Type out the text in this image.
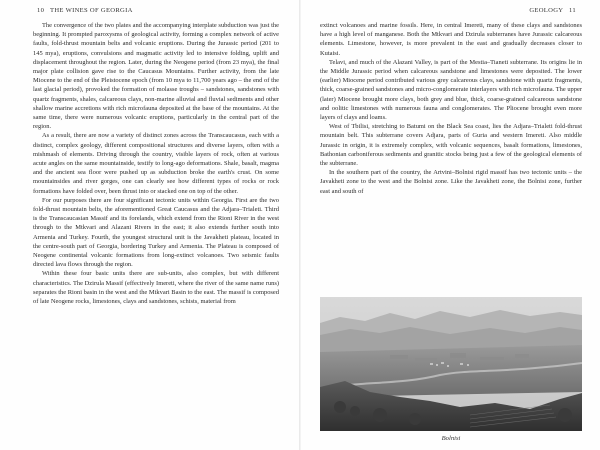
10 THE WINES OF GEORGIA

The convergence of the two plates and the accompanying interplate subduction was just the beginning. It prompted paroxysms of geological activity, forming a complex network of active faults, fold-thrust mountain belts and volcanic eruptions. During the Jurassic period (201 to 145 mya), eruptions, convulsions and magmatic activity led to intensive folding, uplift and displacement throughout the region. Later, during the Neogene period (from 23 mya), the final major plate collision gave rise to the Caucasus Mountains. Further activity, from the late Miocene to the end of the Pleistocene epoch (from 10 mya to 11,700 years ago – the end of the last glacial period), provoked the formation of molasse troughs – sandstones, sandstones with quartz fragments, shales, calcareous clays, non-marine alluvial and fluvial sediments and other shallow marine accretions with rich microfauna deposited at the base of the mountains. At the same time, there were numerous volcanic eruptions, particularly in the central part of the region.

As a result, there are now a variety of distinct zones across the Transcaucasus, each with a distinct, complex geology, different compositional structures and diverse layers, often with a mishmash of elements. Driving through the country, visible layers of rock, often at various acute angles on the same mountainside, testify to long-ago deformations. Shale, basalt, magma and the ancient sea floor were pushed up as subduction broke the earth's crust. On some mountainsides and river gorges, one can clearly see how different types of rocks or rock formations have folded over, been thrust into or stacked one on top of the other.

For our purposes there are four significant tectonic units within Georgia. First are the two fold-thrust mountain belts, the aforementioned Great Caucasus and the Adjara–Trialeti. Third is the Transcaucasian Massif and its forelands, which extend from the Rioni River in the west through to the Mtkvari and Alazani Rivers in the east; it also extends further south into Armenia and Turkey. Fourth, the youngest structural unit is the Javakheti plateau, located in the centre-south part of Georgia, bordering Turkey and Armenia. The Plateau is composed of Neogene continental volcanic formations from long-extinct volcanoes. Two seismic faults directed lava flows through the region.

Within these four basic units there are sub-units, also complex, but with different characteristics. The Dzirula Massif (effectively Imereti, where the river of the same name runs) separates the Rioni basin in the west and the Mtkvari Basin to the east. The massif is composed of late Neogene rocks, limestones, clays and sandstones, schists, material from

GEOLOGY 11

extinct volcanoes and marine fossils. Here, in central Imereti, many of these clays and sandstones have a high level of manganese. Both the Mtkvari and Dzirula subterranes have Jurassic calcareous elements. Limestone, however, is more prevalent in the east and gradually decreases closer to Kutaisi.

Telavi, and much of the Alazani Valley, is part of the Mestia–Tianeti subterrane. Its origins lie in the Middle Jurassic period when calcareous sandstone and limestones were deposited. The lower (earlier) Miocene period contributed various grey calcareous clays, sandstone with quartz fragments, thick, coarse-grained sandstones and micro-conglomerate interlayers with rich microfauna. The upper (later) Miocene brought more clays, both grey and blue, thick, coarse-grained calcareous sandstone and oolitic limestones with numerous fauna and conglomerates. The Pliocene brought even more layers of clays and loams.

West of Tbilisi, stretching to Batumi on the Black Sea coast, lies the Adjara–Trialeti fold-thrust mountain belt. This subterrane covers Adjara, parts of Guria and western Imereti. Also middle Jurassic in origin, it is extremely complex, with volcanic sequences, basalt formations, limestones, Bathonian carboniferous sediments and granitic stocks being just a few of the geological elements of the subterrane.

In the southern part of the country, the Artvini–Bolnisi rigid massif has two tectonic units – the Javakheti zone to the west and the Bolnisi zone. Like the Javakheti zone, the Bolnisi zone, further east and south of

Bolnisi
